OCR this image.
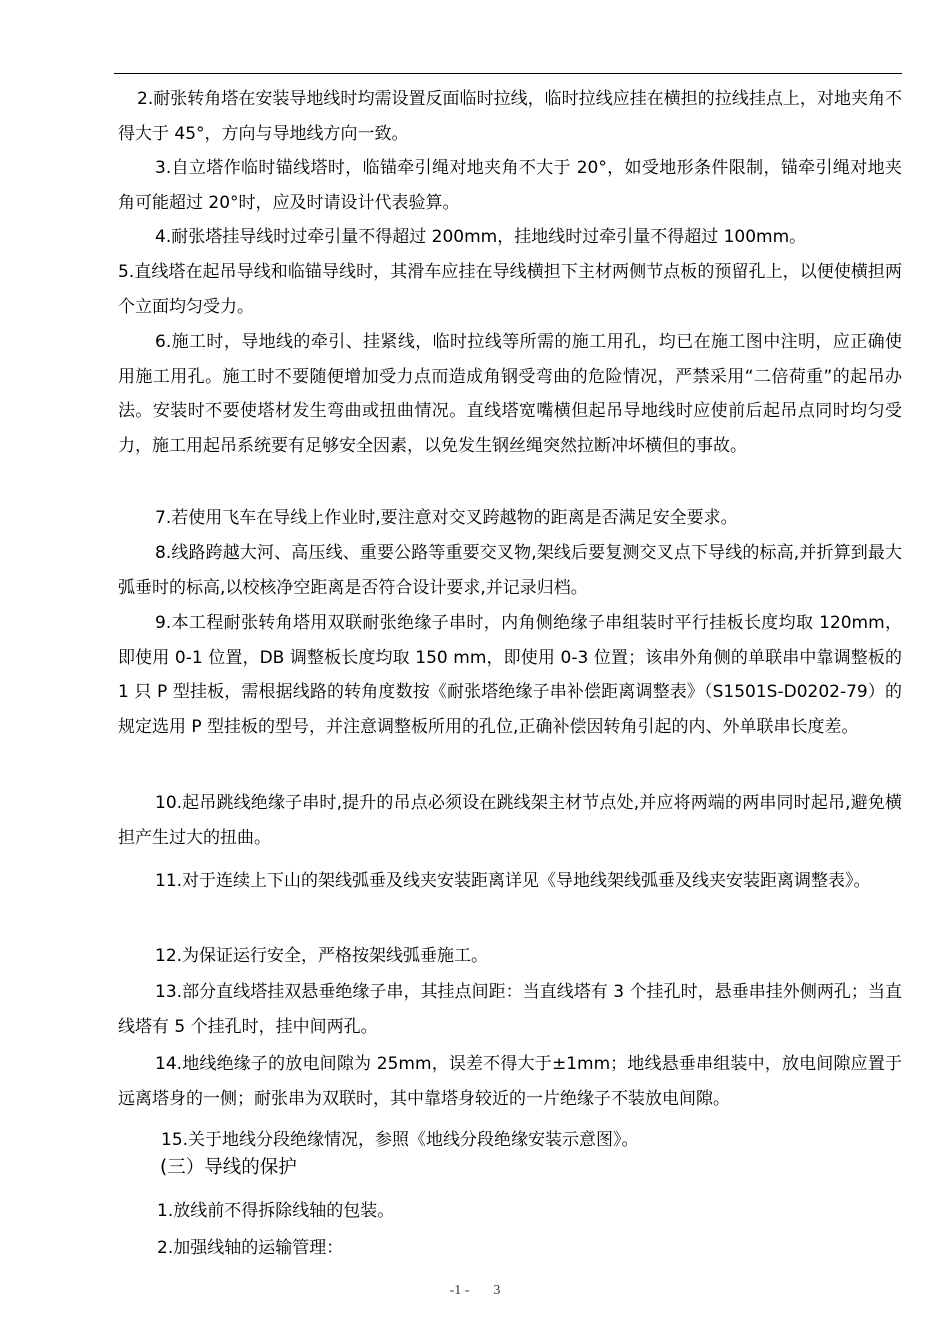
2.耐张转角塔在安装导地线时均需设置反面临时拉线，临时拉线应挂在横担的拉线挂点上，对地夹角不得大于 45°，方向与导地线方向一致。
3.自立塔作临时锚线塔时，临锚牵引绳对地夹角不大于 20°，如受地形条件限制，锚牵引绳对地夹角可能超过 20°时，应及时请设计代表验算。
4.耐张塔挂导线时过牵引量不得超过 200mm，挂地线时过牵引量不得超过 100mm。
5.直线塔在起吊导线和临锚导线时，其滑车应挂在导线横担下主材两侧节点板的预留孔上，以便使横担两个立面均匀受力。
6.施工时，导地线的牵引、挂紧线，临时拉线等所需的施工用孔，均已在施工图中注明，应正确使用施工用孔。施工时不要随便增加受力点而造成角钢受弯曲的危险情况，严禁采用“二倍荷重”的起吊办法。安装时不要使塔材发生弯曲或扭曲情况。直线塔宽嘴横但起吊导地线时应使前后起吊点同时均匀受力，施工用起吊系统要有足够安全因素，以免发生钢丝绳突然拉断冲坏横但的事故。
7.若使用飞车在导线上作业时,要注意对交叉跨越物的距离是否满足安全要求。
8.线路跨越大河、高压线、重要公路等重要交叉物,架线后要复测交叉点下导线的标高,并折算到最大弧垂时的标高,以校核净空距离是否符合设计要求,并记录归档。
9.本工程耐张转角塔用双联耐张绝缘子串时，内角侧绝缘子串组装时平行挂板长度均取 120mm，即使用 0-1 位置，DB 调整板长度均取 150 mm，即使用 0-3 位置；该串外角侧的单联串中靠调整板的 1 只 P 型挂板，需根据线路的转角度数按《耐张塔绝缘子串补偿距离调整表》（S1501S-D0202-79）的规定选用 P 型挂板的型号，并注意调整板所用的孔位,正确补偿因转角引起的内、外单联串长度差。
10.起吊跳线绝缘子串时,提升的吊点必须设在跳线架主材节点处,并应将两端的两串同时起吊,避免横担产生过大的扭曲。
11.对于连续上下山的架线弧垂及线夹安装距离详见《导地线架线弧垂及线夹安装距离调整表》。
12.为保证运行安全，严格按架线弧垂施工。
13.部分直线塔挂双悬垂绝缘子串，其挂点间距：当直线塔有 3 个挂孔时，悬垂串挂外侧两孔；当直线塔有 5 个挂孔时，挂中间两孔。
14.地线绝缘子的放电间隙为 25mm，误差不得大于±1mm；地线悬垂串组装中，放电间隙应置于远离塔身的一侧；耐张串为双联时，其中靠塔身较近的一片绝缘子不装放电间隙。
15.关于地线分段绝缘情况，参照《地线分段绝缘安装示意图》。
(三）导线的保护
1.放线前不得拆除线轴的包装。
2.加强线轴的运输管理：
-1 - 3
